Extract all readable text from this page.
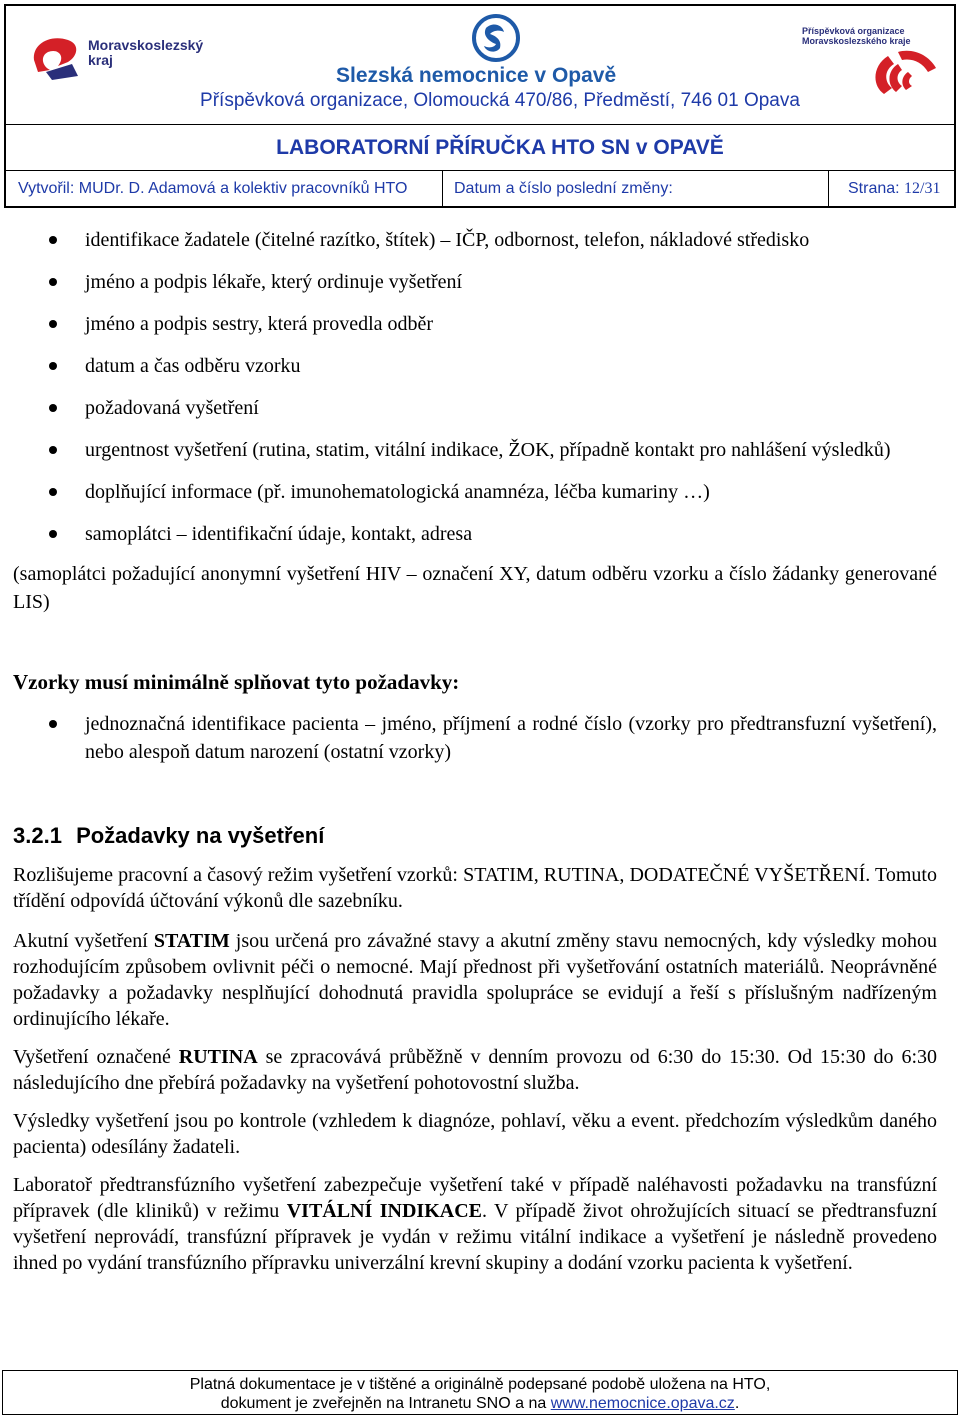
Moravskoslezský
kraj
Slezská nemocnice v Opavě
Příspěvková organizace
Moravskoslezského kraje
Příspěvková organizace, Olomoucká 470/86, Předměstí, 746 01 Opava
LABORATORNÍ PŘÍRUČKA HTO SN v OPAVĚ
Vytvořil: MUDr. D. Adamová a kolektiv pracovníků HTO	Datum a číslo poslední změny:	Strana: 12/31
identifikace žadatele (čitelné razítko, štítek) – IČP, odbornost, telefon, nákladové středisko
jméno a podpis lékaře, který ordinuje vyšetření
jméno a podpis sestry, která provedla odběr
datum a čas odběru vzorku
požadovaná vyšetření
urgentnost vyšetření (rutina, statim, vitální indikace, ŽOK, případně kontakt pro nahlášení výsledků)
doplňující informace (př. imunohematologická anamnéza, léčba kumariny …)
samoplátci – identifikační údaje, kontakt, adresa

(samoplátci požadující anonymní vyšetření HIV – označení XY, datum odběru vzorku a číslo žádanky generované LIS)

Vzorky musí minimálně splňovat tyto požadavky:

jednoznačná identifikace pacienta – jméno, příjmení a rodné číslo (vzorky pro předtransfuzní vyšetření), nebo alespoň datum narození (ostatní vzorky)
3.2.1 Požadavky na vyšetření

Rozlišujeme pracovní a časový režim vyšetření vzorků: STATIM, RUTINA, DODATEČNÉ VYŠETŘENÍ. Tomuto třídění odpovídá účtování výkonů dle sazebníku.

Akutní vyšetření STATIM jsou určená pro závažné stavy a akutní změny stavu nemocných, kdy výsledky mohou rozhodujícím způsobem ovlivnit péči o nemocné. Mají přednost při vyšetřování ostatních materiálů. Neoprávněné požadavky a požadavky nesplňující dohodnutá pravidla spolupráce se evidují a řeší s příslušným nadřízeným ordinujícího lékaře.

Vyšetření označené RUTINA se zpracovává průběžně v denním provozu od 6:30 do 15:30. Od 15:30 do 6:30 následujícího dne přebírá požadavky na vyšetření pohotovostní služba.

Výsledky vyšetření jsou po kontrole (vzhledem k diagnóze, pohlaví, věku a event. předchozím výsledkům daného pacienta) odesílány žadateli.

Laboratoř předtransfúzního vyšetření zabezpečuje vyšetření také v případě naléhavosti požadavku na transfúzní přípravek (dle kliniků) v režimu VITÁLNÍ INDIKACE. V případě život ohrožujících situací se předtransfuzní vyšetření neprovádí, transfúzní přípravek je vydán v režimu vitální indikace a vyšetření je následně provedeno ihned po vydání transfúzního přípravku univerzální krevní skupiny a dodání vzorku pacienta k vyšetření.

Platná dokumentace je v tištěné a originálně podepsané podobě uložena na HTO,
dokument je zveřejněn na Intranetu SNO a na www.nemocnice.opava.cz.
